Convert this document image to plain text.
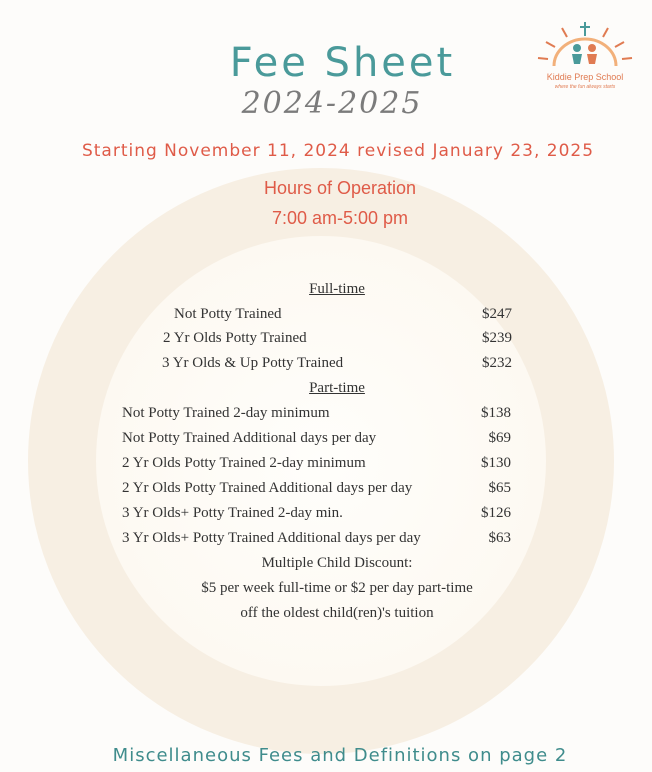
Fee Sheet
2024-2025
Kiddie Prep School
where the fun always starts
Starting November 11, 2024 revised January 23, 2025
Hours of Operation
7:00 am-5:00 pm
Full-time
Not Potty Trained	$247
2 Yr Olds Potty Trained	$239
3 Yr Olds & Up Potty Trained	$232
Part-time
Not Potty Trained 2-day minimum	$138
Not Potty Trained Additional days per day	$69
2 Yr Olds Potty Trained 2-day minimum	$130
2 Yr Olds Potty Trained Additional days per day	$65
3 Yr Olds+ Potty Trained 2-day min.	$126
3 Yr Olds+ Potty Trained Additional days per day	$63
Multiple Child Discount:
$5 per week full-time or $2 per day part-time
off the oldest child(ren)'s tuition
Miscellaneous Fees and Definitions on page 2
